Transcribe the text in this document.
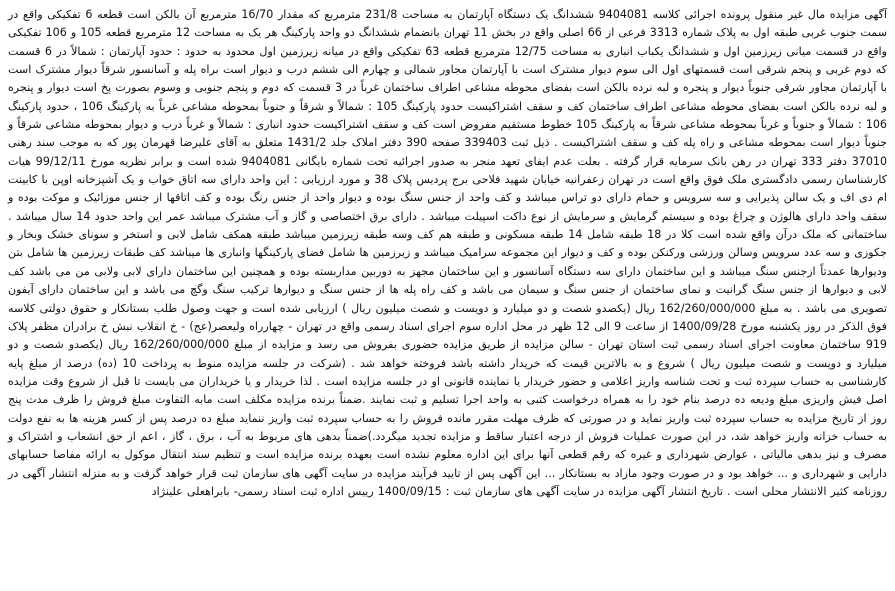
آگهی مزایده مال غیر منقول پرونده اجرائی کلاسه 9404081 ششدانگ یک دستگاه آپارتمان به مساحت 231/8 مترمربع که مقدار 16/70 مترمربع آن بالکن است قطعه 6 تفکیکی واقع در سمت جنوب غربی طبقه اول به پلاک شماره 3313 فرعی از 66 اصلی واقع در بخش 11 تهران بانضمام ششدانگ دو واحد پارکینگ هر یک به مساحت 12 مترمربع قطعه 105 و 106 تفکیکی واقع در قسمت میانی زیرزمین اول و ششدانگ یکباب انباری به مساحت 12/75 مترمربع قطعه 63 تفکیکی واقع در میانه زیرزمین اول محدود به حدود : حدود آپارتمان : شمالاً در 6 قسمت که دوم غربی و پنجم شرقی است قسمتهای اول الی سوم دیوار مشترک است با آپارتمان مجاور شمالی و چهارم الی ششم درب و دیوار است براه پله و آسانسور شرقاً دیوار مشترک است با آپارتمان مجاور شرقی جنوباً دیوار و پنجره و لبه نرده بالکن است بفضای محوطه مشاعی اطراف ساختمان غرباً در 3 قسمت که دوم و پنجم جنوبی و وسوم بصورت پخ است دیوار و پنجره و لبه نرده بالکن است بفضای محوطه مشاعی اطراف ساختمان کف و سقف اشتراکیست حدود پارکینگ 105 : شمالاً و شرقاً و جنوباً بمحوطه مشاعی غرباً به پارکینگ 106 ، حدود پارکینگ 106 : شمالاً و جنوباً و غرباً بمحوطه مشاعی شرقاً به پارکینگ 105 خطوط مستقیم مفروض است کف و سقف اشتراکیست حدود انباری : شمالاً و غرباً درب و دیوار بمحوطه مشاعی شرقاً و جنوباً دیوار است بمحوطه مشاعی و راه پله کف و سقف اشتراکیست . ذیل ثبت 339403 صفحه 390 دفتر املاک جلد 1431/2 متعلق به آقای علیرضا قهرمان پور که به موجب سند رهنی 37010 دفتر 333 تهران در رهن بانک سرمایه قرار گرفته . بعلت عدم ایفای تعهد منجر به صدور اجرائیه تحت شماره بایگانی 9404081 شده است و برابر نظریه مورخ 99/12/11 هیات کارشناسان رسمی دادگستری ملک فوق واقع است در تهران زعفرانیه خیابان شهید فلاحی برج پردیس پلاک 38 و مورد ارزیابی : این واحد دارای سه اتاق خواب و یک آشپزخانه اوپن با کابینت ام دی اف و یک سالن پذیرایی و سه سرویس و حمام دارای دو تراس میباشد و کف واحد از جنس سنگ بوده و دیوار واحد از جنس رنگ بوده و کف اتاقها از جنس موزائیک و موکت بوده و سقف واحد دارای هالوژن و چراغ بوده و سیستم گرمایش و سرمایش از نوع داکت اسپیلت میباشد . دارای برق اختصاصی و گاز و آب مشترک میباشد عمر این واحد حدود 14 سال میباشد . ساختمانی که ملک درآن واقع شده است کلا در 18 طبقه شامل 14 طبقه مسکونی و طبقه هم کف وسه طبقه زیرزمین میباشد طبقه همکف شامل لابی و استخر و سونای خشک وبخار و جکوزی و سه عدد سرویس وسالن ورزشی ورکنکن بوده و کف و دیوار این مجموعه سرامیک میباشد و زیرزمین ها شامل فضای پارکینگها وانباری ها میباشد کف طبقات زیرزمین ها شامل بتن ودیوارها عمدتاً ازجنس سنگ میباشد و این ساختمان دارای سه دستگاه آسانسور و این ساختمان مجهز به دوربین مداربسته بوده و همچنین این ساختمان دارای لابی ولابی من می باشد کف لابی و دیوارها از جنس سنگ گرانیت و نمای ساختمان از جنس سنگ و سیمان می باشد و کف راه پله ها از جنس سنگ و دیوارها ترکیب سنگ وگچ می باشد و این ساختمان دارای آیفون تصویری می باشد . به مبلغ 162/260/000/000 ریال (یکصدو شصت و دو میلیارد و دویست و شصت میلیون ریال ) ارزیابی شده است و جهت وصول طلب بستانکار و حقوق دولتی کلاسه فوق الذکر در روز یکشنبه مورخ 1400/09/28 از ساعت 9 الی 12 ظهر در محل اداره سوم اجرای اسناد رسمی واقع در تهران - چهارراه ولیعصر(عج) - خ انقلاب نبش خ برادران مظفر پلاک 919 ساختمان معاونت اجرای اسناد رسمی ثبت استان تهران - سالن مزایده از طریق مزایده حضوری بفروش می رسد و مزایده از مبلغ 162/260/000/000 ریال (یکصدو شصت و دو میلیارد و دویست و شصت میلیون ریال ) شروع و به بالاترین قیمت که خریدار داشته باشد فروخته خواهد شد . (شرکت در جلسه مزایده منوط به پرداخت 10 (ده) درصد از مبلغ پایه کارشناسی به حساب سپرده ثبت و تحت شناسه واریز اعلامی و حضور خریدار یا نماینده قانونی او در جلسه مزایده است . لذا خریدار و یا خریداران می بایست تا قبل از شروع وقت مزایده اصل فیش واریزی مبلغ ودیعه ده درصد بنام خود را به همراه درخواست کتبی به واحد اجرا تسلیم و ثبت نمایند .ضمناً برنده مزایده مکلف است مابه التفاوت مبلغ فروش را ظرف مدت پنج روز از تاریخ مزایده به حساب سپرده ثبت واریز نماید و در صورتی که ظرف مهلت مقرر مانده فروش را به حساب سپرده ثبت واریز ننماید مبلغ ده درصد پس از کسر هزینه ها به نفع دولت به حساب خزانه واریز خواهد شد، در این صورت عملیات فروش از درجه اعتبار ساقط و مزایده تجدید میگردد.)ضمناً بدهی های مربوط به آب ، برق ، گاز ، اعم از حق انشعاب و اشتراک و مصرف و نیز بدهی مالیاتی ، عوارض شهرداری و غیره که رقم قطعی آنها برای این اداره معلوم نشده است بعهده برنده مزایده است و تنظیم سند انتقال موکول به ارائه مفاصا حسابهای دارایی و شهرداری و ... خواهد بود و در صورت وجود مازاد به بستانکار ... این آگهی پس از تایید فرآیند مزایده در سایت آگهی های سازمان ثبت قرار خواهد گرفت و به منزله انتشار آگهی در روزنامه کثیر الانتشار محلی است . تاریخ انتشار آگهی مزایده در سایت آگهی های سازمان ثبت : 1400/09/15 رییس اداره ثبت اسناد رسمی- بابراهعلی علینژاد
